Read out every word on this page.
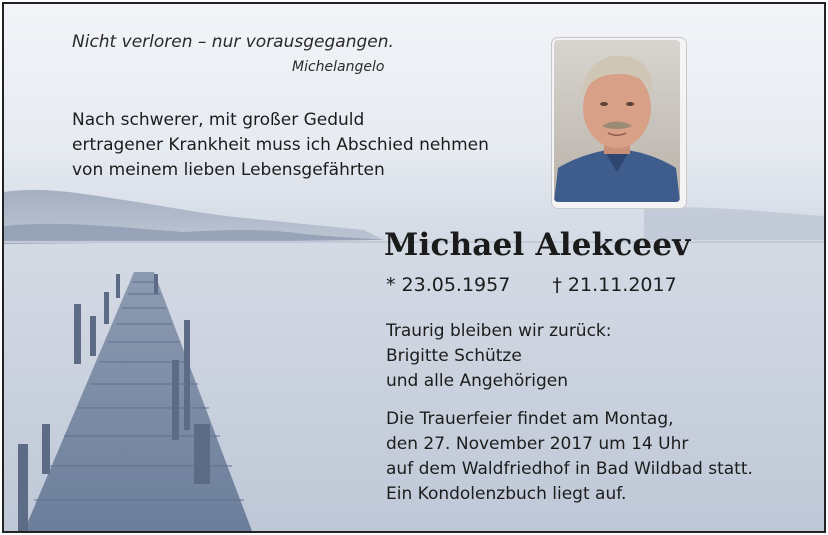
Nicht verloren – nur vorausgegangen.
Michelangelo
Nach schwerer, mit großer Geduld
ertragener Krankheit muss ich Abschied nehmen
von meinem lieben Lebensgefährten
Michael Alekceev
* 23.05.1957 † 21.11.2017
Traurig bleiben wir zurück:
Brigitte Schütze
und alle Angehörigen
Die Trauerfeier findet am Montag,
den 27. November 2017 um 14 Uhr
auf dem Waldfriedhof in Bad Wildbad statt.
Ein Kondolenzbuch liegt auf.
